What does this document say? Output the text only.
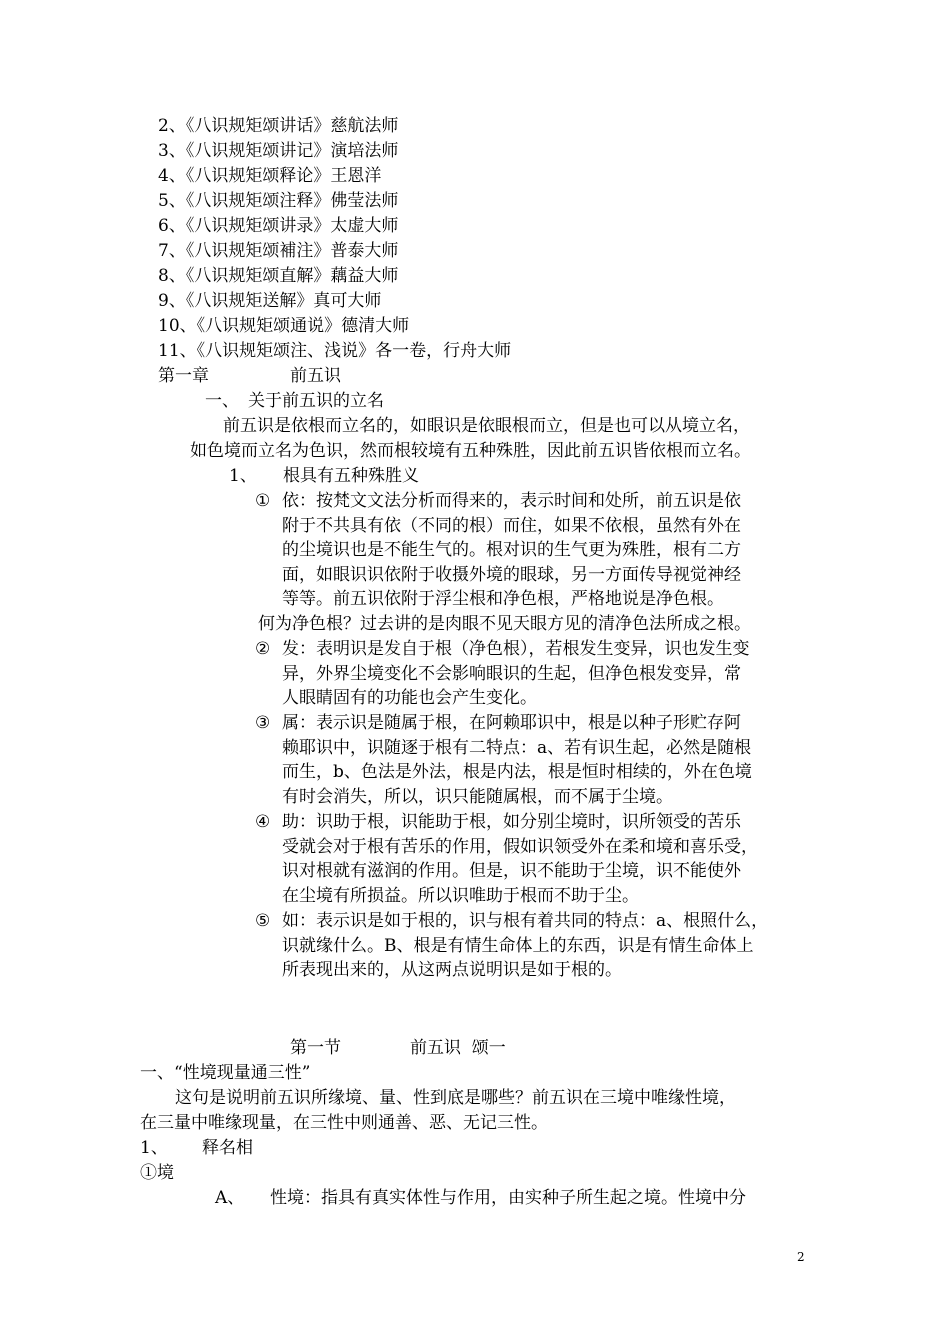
2、《八识规矩颂讲话》慈航法师
3、《八识规矩颂讲记》演培法师
4、《八识规矩颂释论》王恩洋
5、《八识规矩颂注释》佛莹法师
6、《八识规矩颂讲录》太虚大师
7、《八识规矩颂補注》普泰大师
8、《八识规矩颂直解》藕益大师
9、《八识规矩送解》真可大师
10、《八识规矩颂通说》德清大师
11、《八识规矩颂注、浅说》各一卷，行舟大师
第一章	前五识
一、 关于前五识的立名
前五识是依根而立名的，如眼识是依眼根而立，但是也可以从境立名，
如色境而立名为色识，然而根较境有五种殊胜，因此前五识皆依根而立名。
1、 根具有五种殊胜义
① 依：按梵文文法分析而得来的，表示时间和处所，前五识是依
附于不共具有依（不同的根）而住，如果不依根，虽然有外在
的尘境识也是不能生气的。根对识的生气更为殊胜，根有二方
面，如眼识识依附于收摄外境的眼球，另一方面传导视觉神经
等等。前五识依附于浮尘根和净色根，严格地说是净色根。
何为净色根？过去讲的是肉眼不见天眼方见的清净色法所成之根。
② 发：表明识是发自于根（净色根），若根发生变异，识也发生变
异，外界尘境变化不会影响眼识的生起，但净色根发变异，常
人眼睛固有的功能也会产生变化。
③ 属：表示识是随属于根，在阿赖耶识中，根是以种子形贮存阿
赖耶识中，识随逐于根有二特点：a、若有识生起，必然是随根
而生，b、色法是外法，根是内法，根是恒时相续的，外在色境
有时会消失，所以，识只能随属根，而不属于尘境。
④ 助：识助于根，识能助于根，如分别尘境时，识所领受的苦乐
受就会对于根有苦乐的作用，假如识领受外在柔和境和喜乐受，
识对根就有滋润的作用。但是，识不能助于尘境，识不能使外
在尘境有所损益。所以识唯助于根而不助于尘。
⑤ 如：表示识是如于根的，识与根有着共同的特点：a、根照什么，
识就缘什么。B、根是有情生命体上的东西，识是有情生命体上
所表现出来的，从这两点说明识是如于根的。
第一节	前五识  颂一
一、“性境现量通三性”
这句是说明前五识所缘境、量、性到底是哪些？前五识在三境中唯缘性境，
在三量中唯缘现量，在三性中则通善、恶、无记三性。
1、 释名相
①境
A、 性境：指具有真实体性与作用，由实种子所生起之境。性境中分
2
